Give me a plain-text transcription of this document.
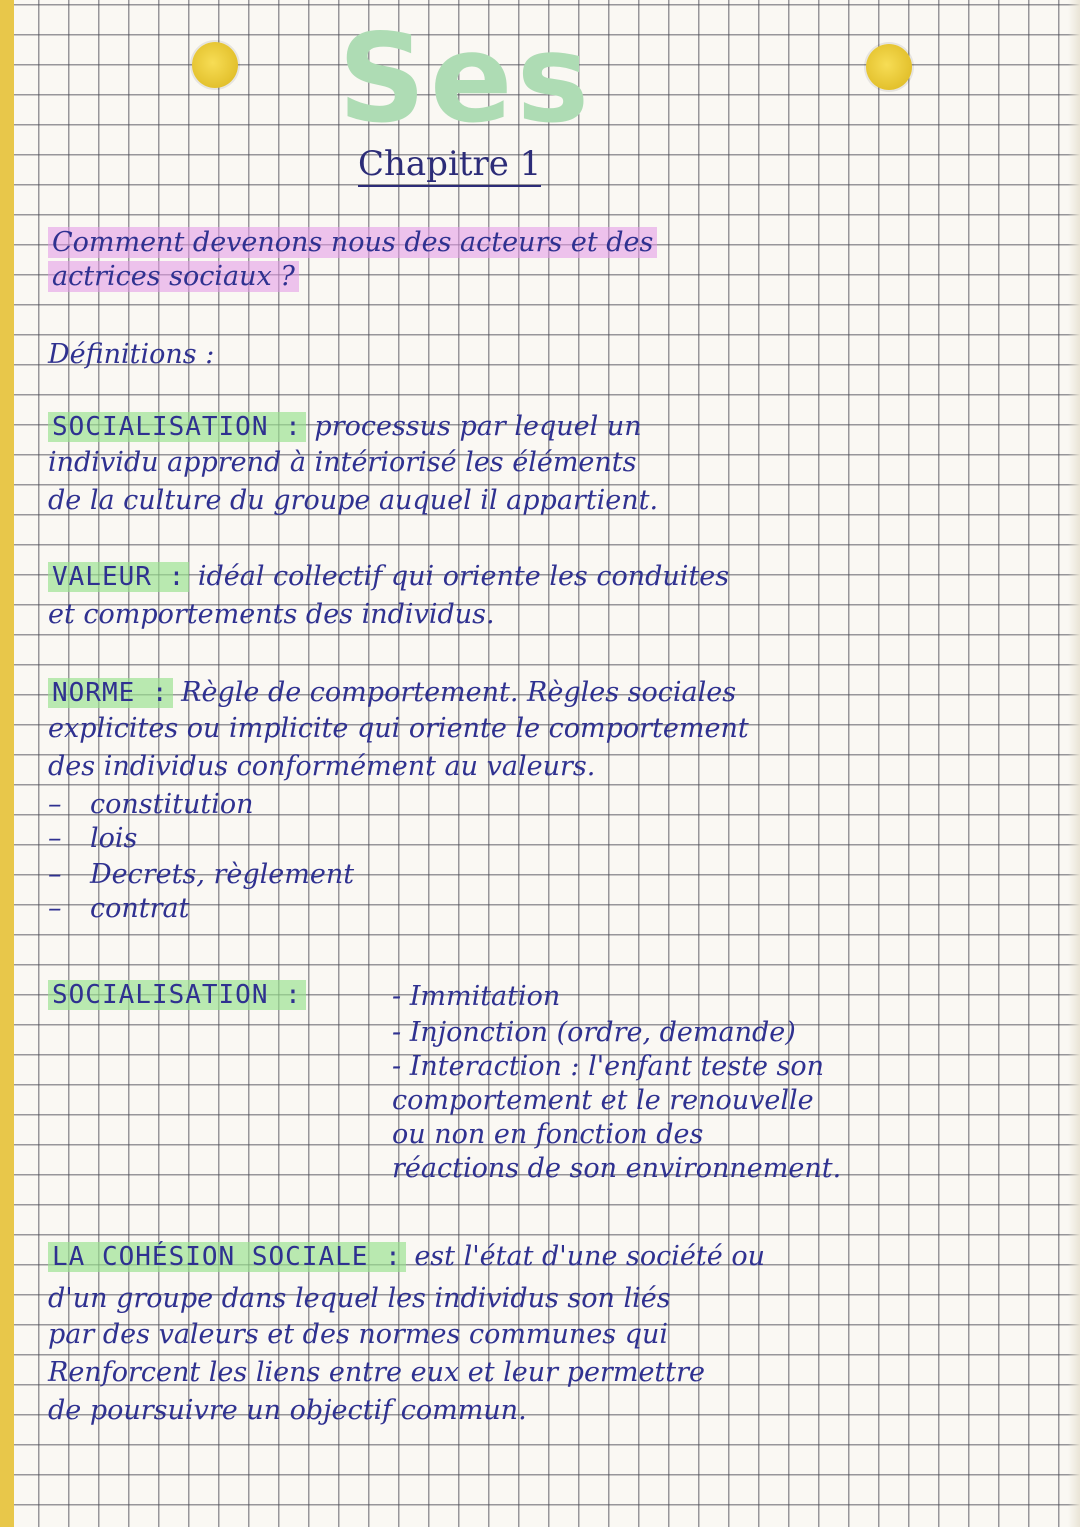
Ses
Chapitre 1
Comment devenons nous des acteurs et des
actrices sociaux ?
Définitions :
SOCIALISATION : processus par lequel un
individu apprend à intériorisé les éléments
de la culture du groupe auquel il appartient.
VALEUR : idéal collectif qui oriente les conduites
et comportements des individus.
NORME : Règle de comportement. Règles sociales
explicites ou implicite qui oriente le comportement
des individus conformément au valeurs.
– constitution
– lois
– Decrets, règlement
– contrat
SOCIALISATION :	- Immitation
- Injonction (ordre, demande)
- Interaction : l'enfant teste son
comportement et le renouvelle
ou non en fonction des
réactions de son environnement.
LA COHÉSION SOCIALE : est l'état d'une société ou
d'un groupe dans lequel les individus son liés
par des valeurs et des normes communes qui
Renforcent les liens entre eux et leur permettre
de poursuivre un objectif commun.
